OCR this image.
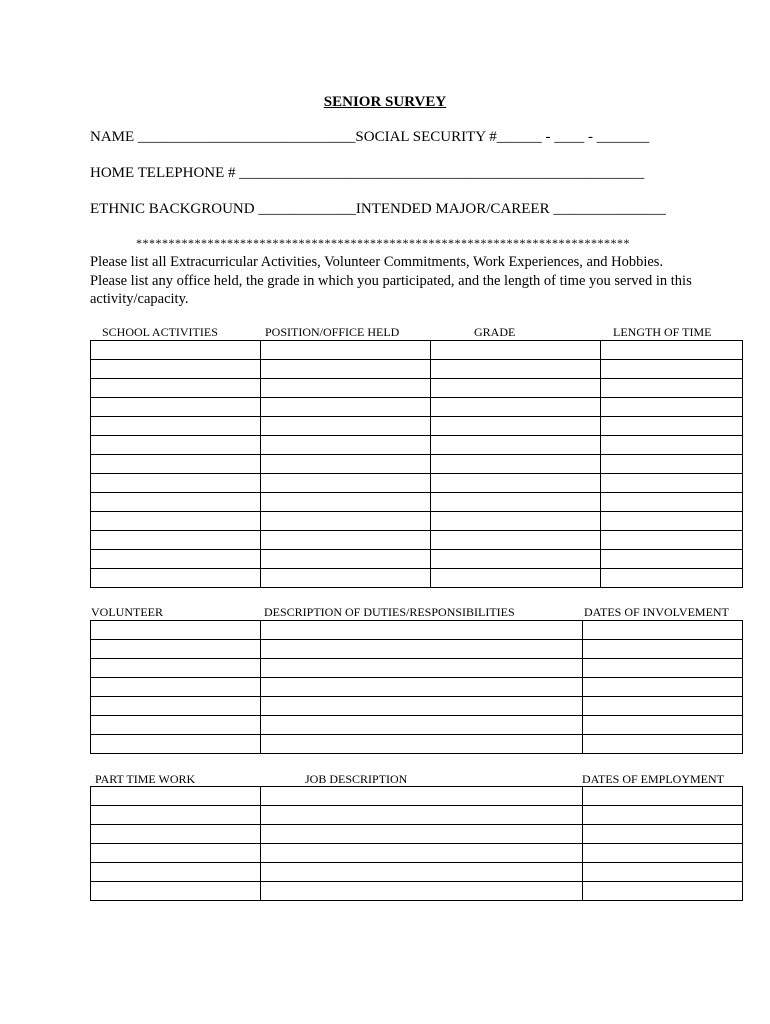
SENIOR SURVEY
NAME _____________________________SOCIAL SECURITY #______ - ____ - _______
HOME TELEPHONE # ______________________________________________________
ETHNIC BACKGROUND _____________INTENDED MAJOR/CAREER _______________
****************************************************************************
Please list all Extracurricular Activities, Volunteer Commitments, Work Experiences, and Hobbies.
Please list any office held, the grade in which you participated, and the length of time you served in this
activity/capacity.
SCHOOL ACTIVITIES	POSITION/OFFICE HELD	GRADE	LENGTH OF TIME

VOLUNTEER	DESCRIPTION OF DUTIES/RESPONSIBILITIES	DATES OF INVOLVEMENT

PART TIME WORK	JOB DESCRIPTION	DATES OF EMPLOYMENT
